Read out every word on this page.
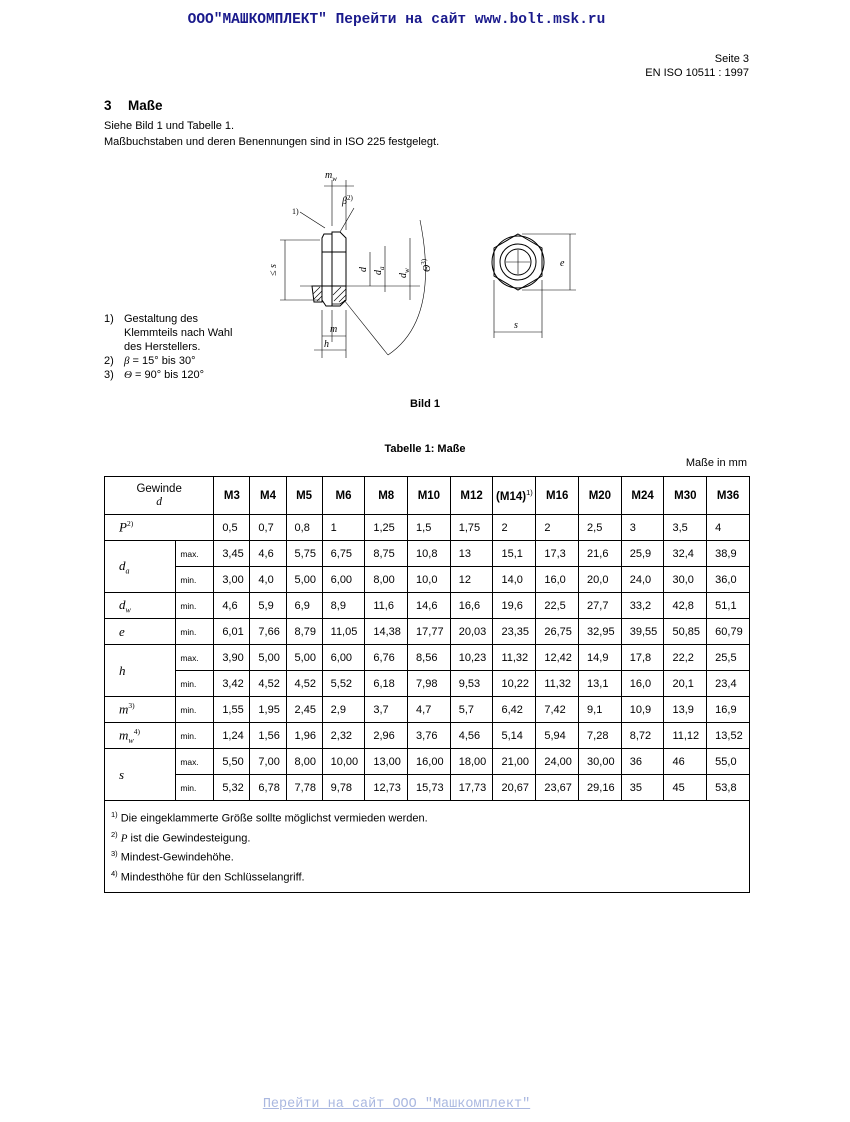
ООО"МАШКОМПЛЕКТ" Перейти на сайт www.bolt.msk.ru
Seite 3
EN ISO 10511 : 1997
3 Maße
Siehe Bild 1 und Tabelle 1.
Maßbuchstaben und deren Benennungen sind in ISO 225 festgelegt.
1) Gestaltung des
Klemmteils nach Wahl
des Herstellers.
2) β = 15° bis 30°
3) Θ = 90° bis 120°
$m_w$
$\beta^{2)}$
1)
≤ s	d
$d_a$
$d_w$ $\Theta^{3)}$
m
h
e
s
Bild 1
Tabelle 1: Maße
Maße in mm
Gewinde
d		M3	M4	M5	M6	M8	M10	M12	$(M14)^{1)}$	M16	M20	M24	M30	M36
$P^{2)}$		0,5	0,7	0,8	1	1,25	1,5	1,75	2	2	2,5	3	3,5	4
$d_a$	max.	3,45	4,6	5,75	6,75	8,75	10,8	13	15,1	17,3	21,6	25,9	32,4	38,9
	min.	3,00	4,0	5,00	6,00	8,00	10,0	12	14,0	16,0	20,0	24,0	30,0	36,0
$d_w$	min.	4,6	5,9	6,9	8,9	11,6	14,6	16,6	19,6	22,5	27,7	33,2	42,8	51,1
e	min.	6,01	7,66	8,79	11,05	14,38	17,77	20,03	23,35	26,75	32,95	39,55	50,85	60,79
h	max.	3,90	5,00	5,00	6,00	6,76	8,56	10,23	11,32	12,42	14,9	17,8	22,2	25,5
	min.	3,42	4,52	4,52	5,52	6,18	7,98	9,53	10,22	11,32	13,1	16,0	20,1	23,4
$m^{3)}$	min.	1,55	1,95	2,45	2,9	3,7	4,7	5,7	6,42	7,42	9,1	10,9	13,9	16,9
$m_w^{4)}$	min.	1,24	1,56	1,96	2,32	2,96	3,76	4,56	5,14	5,94	7,28	8,72	11,12	13,52
s	max.	5,50	7,00	8,00	10,00	13,00	16,00	18,00	21,00	24,00	30,00	36	46	55,0
	min.	5,32	6,78	7,78	9,78	12,73	15,73	17,73	20,67	23,67	29,16	35	45	53,8

$^{1)}$ Die eingeklammerte Größe sollte möglichst vermieden werden.
$^{2)}$ P ist die Gewindesteigung.
$^{3)}$ Mindest-Gewindehöhe.
$^{4)}$ Mindesthöhe für den Schlüsselangriff.														
Перейти на сайт ООО "Машкомплект"
